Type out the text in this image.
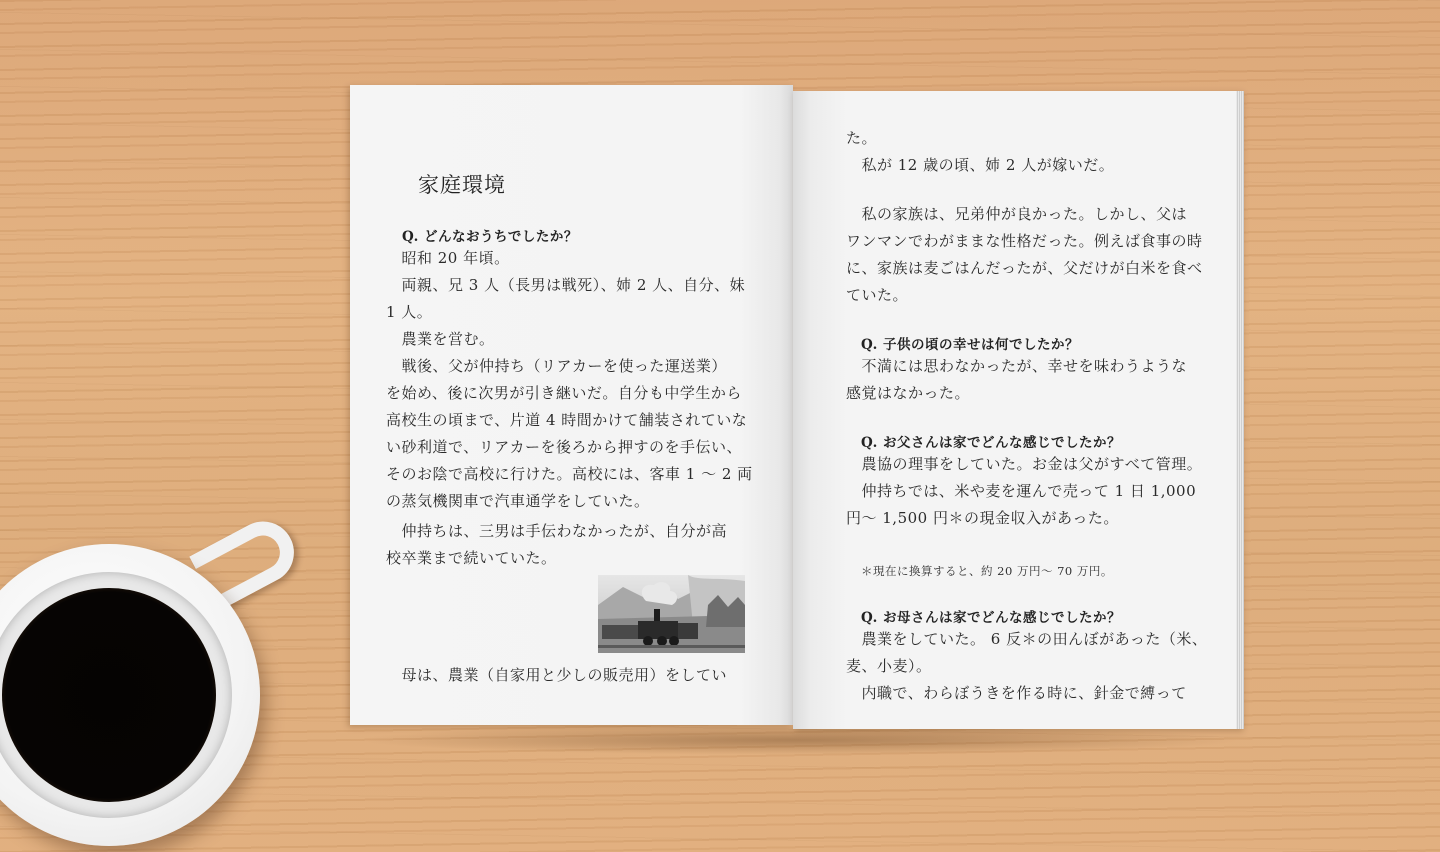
家庭環境
Q. どんなおうちでしたか？
　昭和 20 年頃。
　両親、兄 3 人（長男は戦死）、姉 2 人、自分、妹
1 人。
　農業を営む。
　戦後、父が仲持ち（リアカーを使った運送業）
を始め、後に次男が引き継いだ。自分も中学生から
高校生の頃まで、片道 4 時間かけて舗装されていな
い砂利道で、リアカーを後ろから押すのを手伝い、
そのお陰で高校に行けた。高校には、客車 1 ～ 2 両
の蒸気機関車で汽車通学をしていた。
　仲持ちは、三男は手伝わなかったが、自分が高
校卒業まで続いていた。
　母は、農業（自家用と少しの販売用）をしてい
た。
　私が 12 歳の頃、姉 2 人が嫁いだ。
　私の家族は、兄弟仲が良かった。しかし、父は
ワンマンでわがままな性格だった。例えば食事の時
に、家族は麦ごはんだったが、父だけが白米を食べ
ていた。
Q. 子供の頃の幸せは何でしたか？
　不満には思わなかったが、幸せを味わうような
感覚はなかった。
Q. お父さんは家でどんな感じでしたか？
　農協の理事をしていた。お金は父がすべて管理。
　仲持ちでは、米や麦を運んで売って 1 日 1,000
円～ 1,500 円＊の現金収入があった。
＊現在に換算すると、約 20 万円～ 70 万円。
Q. お母さんは家でどんな感じでしたか？
　農業をしていた。 6 反＊の田んぼがあった（米、
麦、小麦）。
　内職で、わらぼうきを作る時に、針金で縛って
